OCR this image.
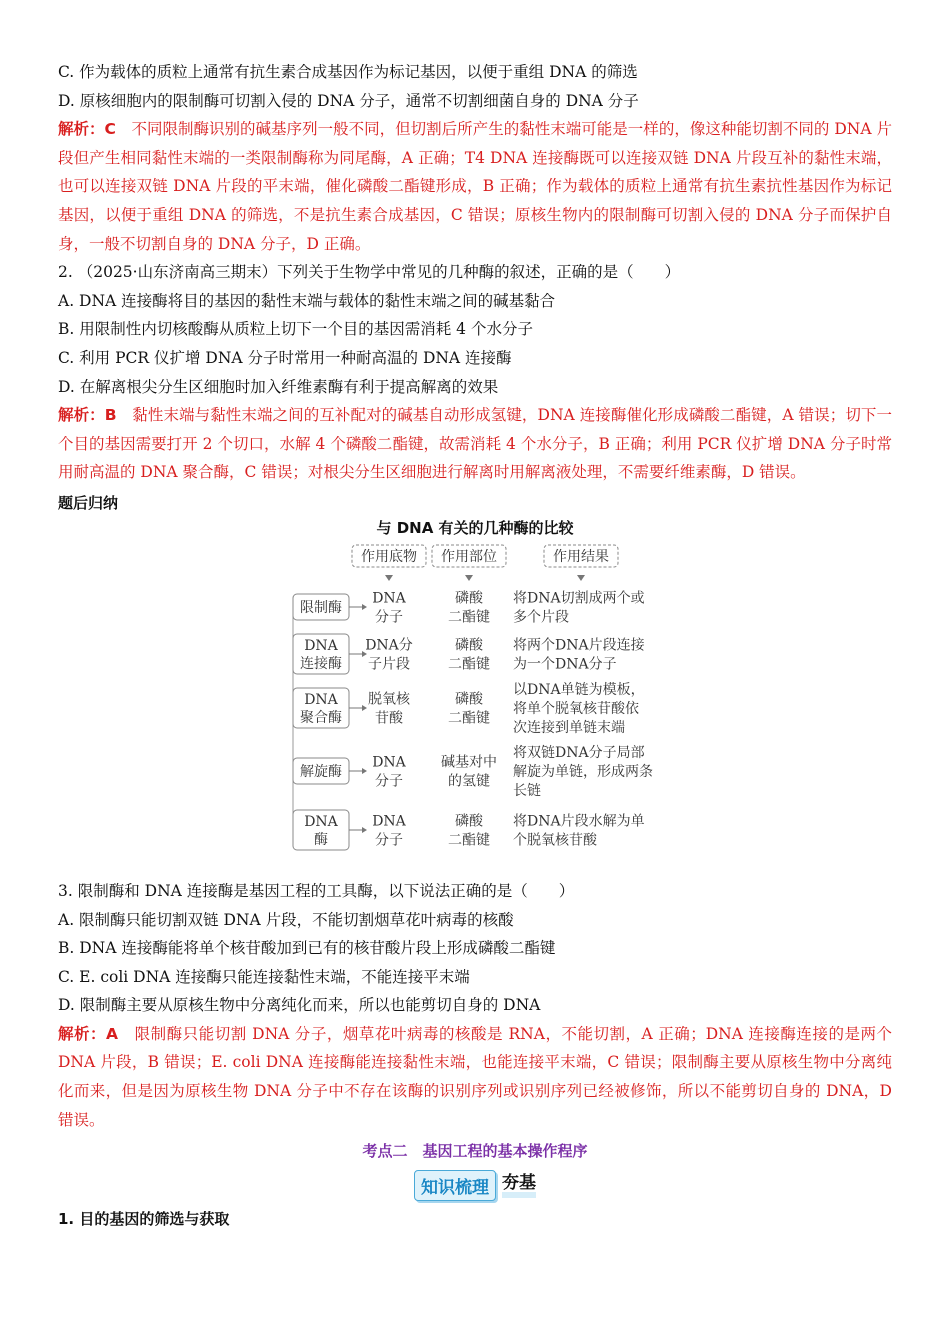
C. 作为载体的质粒上通常有抗生素合成基因作为标记基因，以便于重组 DNA 的筛选
D. 原核细胞内的限制酶可切割入侵的 DNA 分子，通常不切割细菌自身的 DNA 分子
解析：C　 不同限制酶识别的碱基序列一般不同，但切割后所产生的黏性末端可能是一样的，像这种能切割不同的 DNA 片段但产生相同黏性末端的一类限制酶称为同尾酶，A 正确；T4 DNA 连接酶既可以连接双链 DNA 片段互补的黏性末端，也可以连接双链 DNA 片段的平末端，催化磷酸二酯键形成，B 正确；作为载体的质粒上通常有抗生素抗性基因作为标记基因，以便于重组 DNA 的筛选，不是抗生素合成基因，C 错误；原核生物内的限制酶可切割入侵的 DNA 分子而保护自身，一般不切割自身的 DNA 分子，D 正确。
2. （2025·山东济南高三期末）下列关于生物学中常见的几种酶的叙述，正确的是（　　）
A. DNA 连接酶将目的基因的黏性末端与载体的黏性末端之间的碱基黏合
B. 用限制性内切核酸酶从质粒上切下一个目的基因需消耗 4 个水分子
C. 利用 PCR 仪扩增 DNA 分子时常用一种耐高温的 DNA 连接酶
D. 在解离根尖分生区细胞时加入纤维素酶有利于提高解离的效果
解析：B　 黏性末端与黏性末端之间的互补配对的碱基自动形成氢键，DNA 连接酶催化形成磷酸二酯键，A 错误；切下一个目的基因需要打开 2 个切口，水解 4 个磷酸二酯键，故需消耗 4 个水分子，B 正确；利用 PCR 仪扩增 DNA 分子时常用耐高温的 DNA 聚合酶，C 错误；对根尖分生区细胞进行解离时用解离液处理，不需要纤维素酶，D 错误。
题后归纳
与 DNA 有关的几种酶的比较
作用底物 作用部位	作用结果
限制酶
DNA
分子
磷酸
二酯键
将DNA切割成两个或
多个片段
DNA
连接酶
DNA分
子片段
磷酸
二酯键
将两个DNA片段连接
为一个DNA分子
DNA
聚合酶
脱氧核
苷酸
磷酸
二酯键
以DNA单链为模板，
将单个脱氧核苷酸依
次连接到单链末端
解旋酶
DNA
分子
碱基对中
的氢键
将双链DNA分子局部
解旋为单链，形成两条
长链
DNA
酶
DNA
分子
磷酸
二酯键
将DNA片段水解为单
个脱氧核苷酸
3. 限制酶和 DNA 连接酶是基因工程的工具酶，以下说法正确的是（　　）
A. 限制酶只能切割双链 DNA 片段，不能切割烟草花叶病毒的核酸
B. DNA 连接酶能将单个核苷酸加到已有的核苷酸片段上形成磷酸二酯键
C. E. coli DNA 连接酶只能连接黏性末端，不能连接平末端
D. 限制酶主要从原核生物中分离纯化而来，所以也能剪切自身的 DNA
解析：A　 限制酶只能切割 DNA 分子，烟草花叶病毒的核酸是 RNA，不能切割，A 正确；DNA 连接酶连接的是两个 DNA 片段，B 错误；E. coli DNA 连接酶能连接黏性末端，也能连接平末端，C 错误；限制酶主要从原核生物中分离纯化而来，但是因为原核生物 DNA 分子中不存在该酶的识别序列或识别序列已经被修饰，所以不能剪切自身的 DNA，D 错误。
考点二　基因工程的基本操作程序
知识梳理 夯基
1. 目的基因的筛选与获取
